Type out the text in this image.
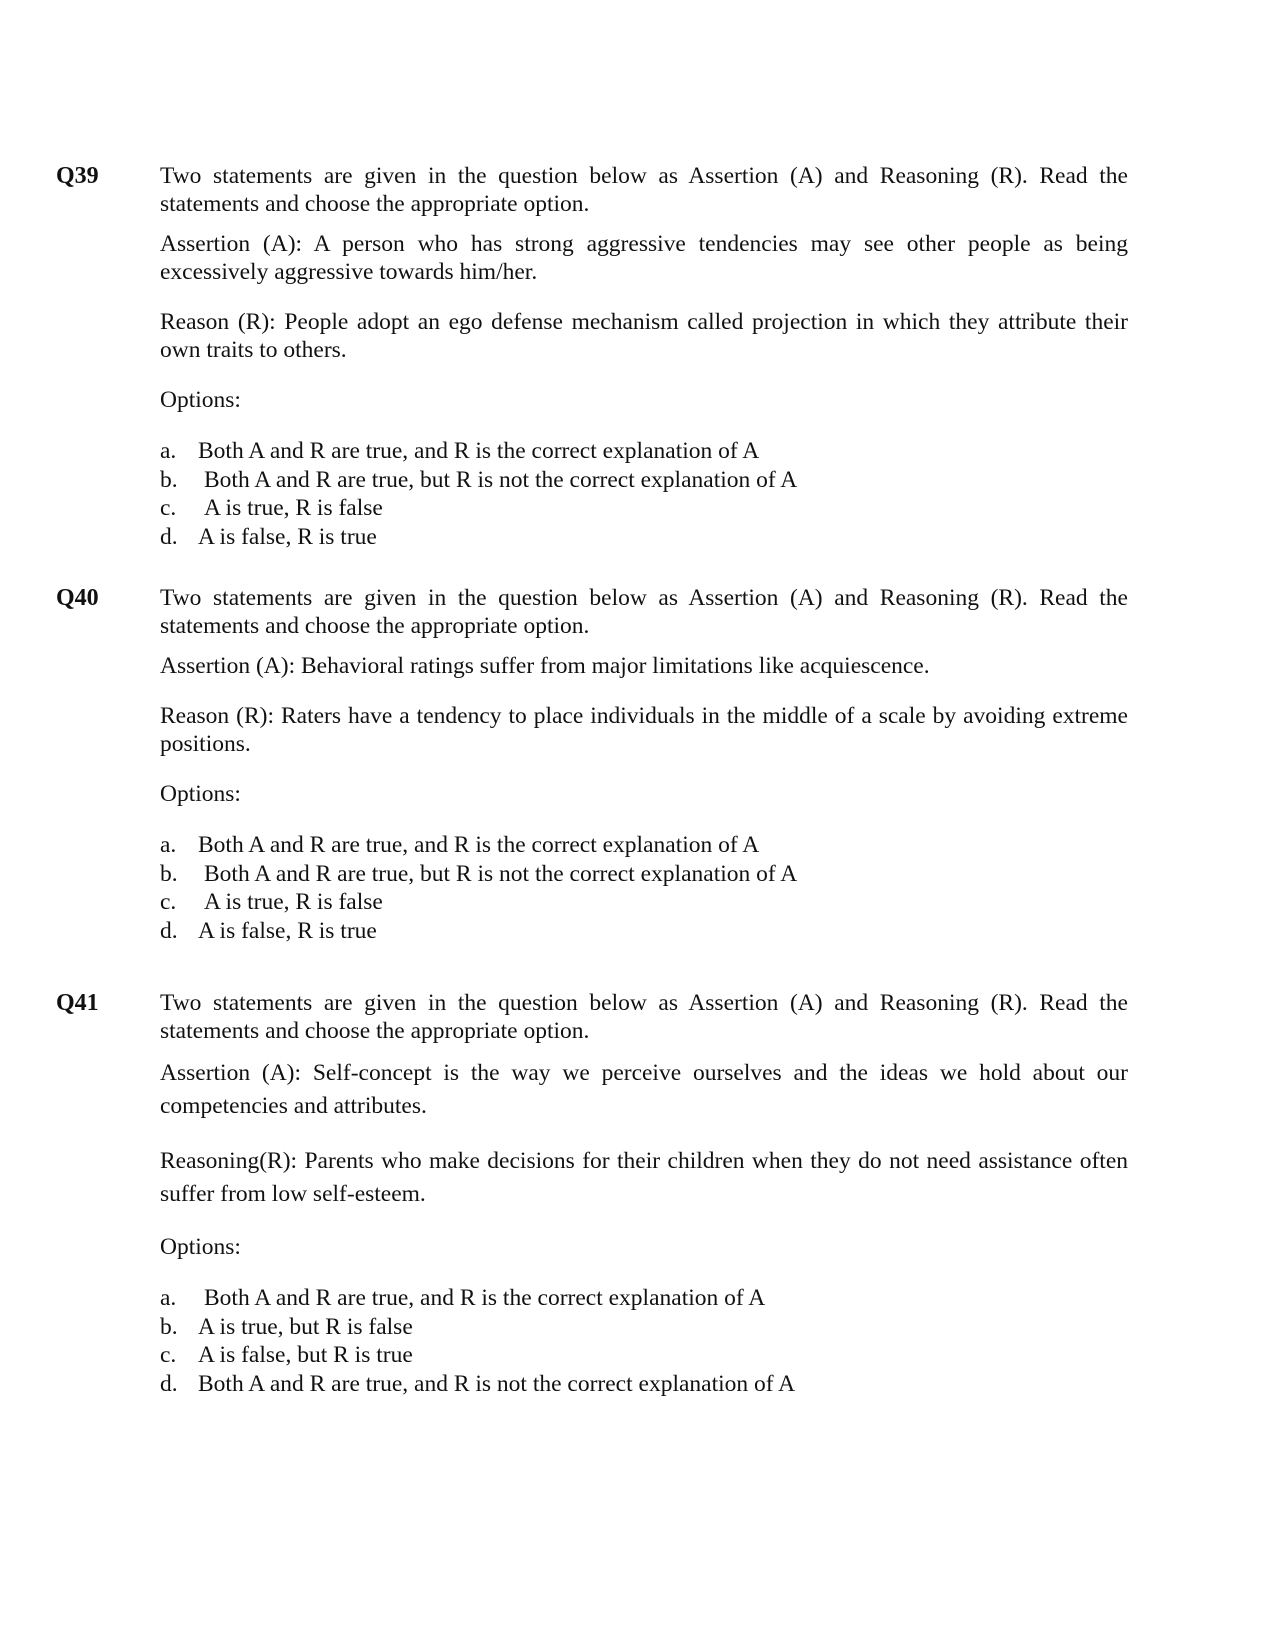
Q39	Two statements are given in the question below as Assertion (A) and Reasoning (R). Read the statements and choose the appropriate option.

Assertion (A): A person who has strong aggressive tendencies may see other people as being excessively aggressive towards him/her.

Reason (R): People adopt an ego defense mechanism called projection in which they attribute their own traits to others.

Options:

a. Both A and R are true, and R is the correct explanation of A
b.	Both A and R are true, but R is not the correct explanation of A
c.	A is true, R is false
d. A is false, R is true
Q40	Two statements are given in the question below as Assertion (A) and Reasoning (R). Read the statements and choose the appropriate option.

Assertion (A): Behavioral ratings suffer from major limitations like acquiescence.

Reason (R): Raters have a tendency to place individuals in the middle of a scale by avoiding extreme positions.

Options:

a. Both A and R are true, and R is the correct explanation of A
b.	Both A and R are true, but R is not the correct explanation of A
c.	A is true, R is false
d. A is false, R is true
Q41	Two statements are given in the question below as Assertion (A) and Reasoning (R). Read the statements and choose the appropriate option.

Assertion (A): Self-concept is the way we perceive ourselves and the ideas we hold about our competencies and attributes.

Reasoning(R): Parents who make decisions for their children when they do not need assistance often suffer from low self-esteem.

Options:

a.	Both A and R are true, and R is the correct explanation of A
b. A is true, but R is false
c. A is false, but R is true
d. Both A and R are true, and R is not the correct explanation of A
